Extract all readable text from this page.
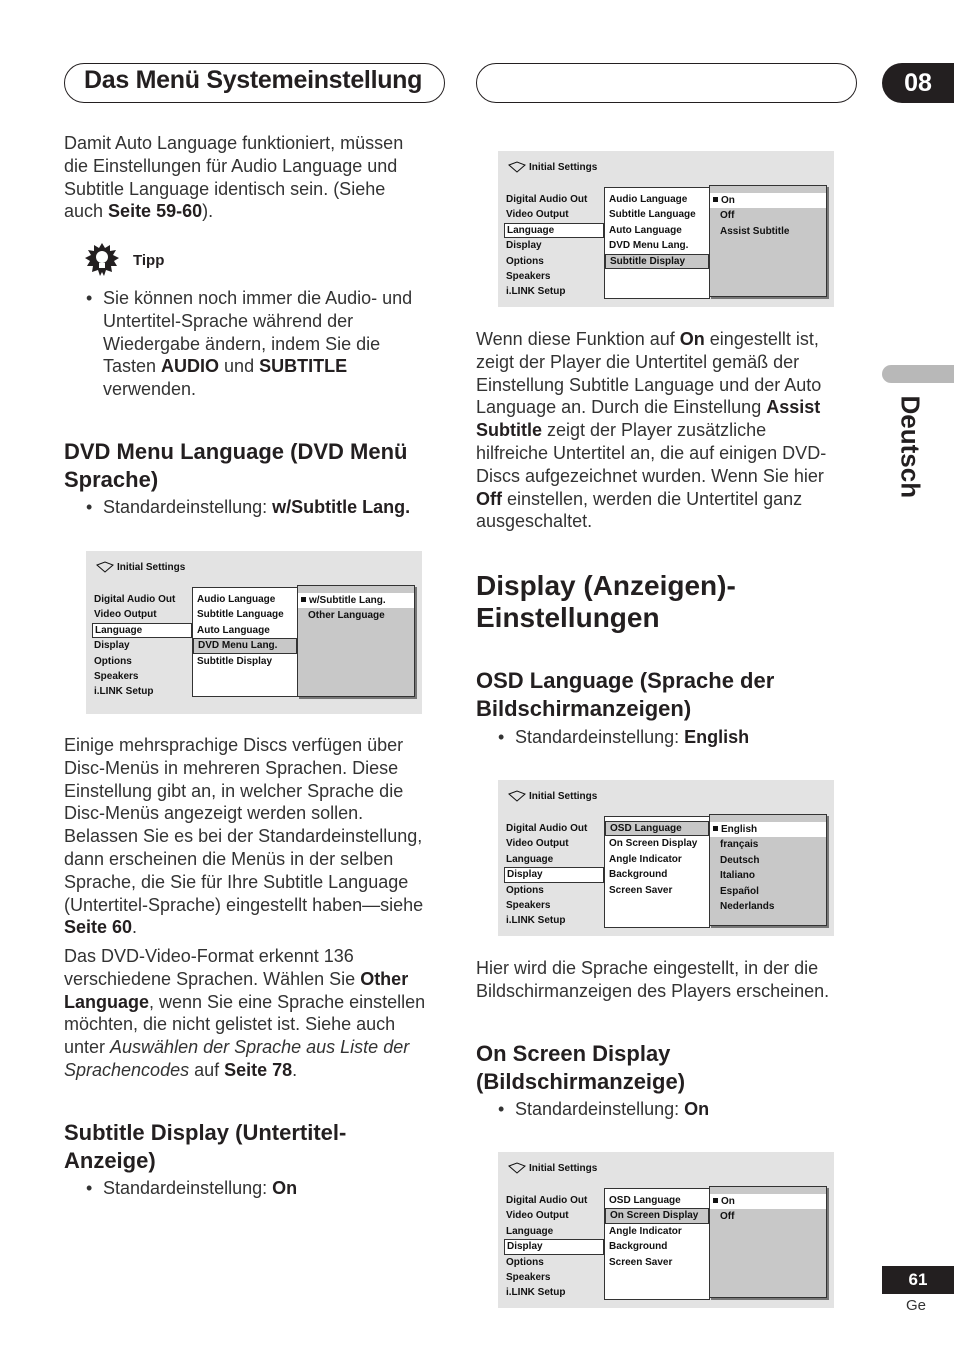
Das Menü Systemeinstellung	08
Deutsch
Damit Auto Language funktioniert, müssen
die Einstellungen für Audio Language und
Subtitle Language identisch sein. (Siehe
auch Seite 59-60).
Tipp
• Sie können noch immer die Audio- und
Untertitel-Sprache während der
Wiedergabe ändern, indem Sie die
Tasten AUDIO und SUBTITLE
verwenden.
DVD Menu Language (DVD Menü
Sprache)
• Standardeinstellung: w/Subtitle Lang.
Initial Settings
Digital Audio Out
Video Output
Language
Display
Options
Speakers
i.LINK Setup
Audio Language
Subtitle Language
Auto Language
DVD Menu Lang.
Subtitle Display
w/Subtitle Lang.
Other Language
Einige mehrsprachige Discs verfügen über
Disc-Menüs in mehreren Sprachen. Diese
Einstellung gibt an, in welcher Sprache die
Disc-Menüs angezeigt werden sollen.
Belassen Sie es bei der Standardeinstellung,
dann erscheinen die Menüs in der selben
Sprache, die Sie für Ihre Subtitle Language
(Untertitel-Sprache) eingestellt haben—siehe
Seite 60.
Das DVD-Video-Format erkennt 136
verschiedene Sprachen. Wählen Sie Other
Language, wenn Sie eine Sprache einstellen
möchten, die nicht gelistet ist. Siehe auch
unter Auswählen der Sprache aus Liste der
Sprachencodes auf Seite 78.
Subtitle Display (Untertitel-
Anzeige)
• Standardeinstellung: On
Initial Settings
Digital Audio Out
Video Output
Language
Display
Options
Speakers
i.LINK Setup
Audio Language
Subtitle Language
Auto Language
DVD Menu Lang.
Subtitle Display
On
Off
Assist Subtitle
Wenn diese Funktion auf On eingestellt ist,
zeigt der Player die Untertitel gemäß der
Einstellung Subtitle Language und der Auto
Language an. Durch die Einstellung Assist
Subtitle zeigt der Player zusätzliche
hilfreiche Untertitel an, die auf einigen DVD-
Discs aufgezeichnet wurden. Wenn Sie hier
Off einstellen, werden die Untertitel ganz
ausgeschaltet.
Display (Anzeigen)-
Einstellungen
OSD Language (Sprache der
Bildschirmanzeigen)
• Standardeinstellung: English
Initial Settings
Digital Audio Out
Video Output
Language
Display
Options
Speakers
i.LINK Setup
OSD Language
On Screen Display
Angle Indicator
Background
Screen Saver
English
français
Deutsch
Italiano
Español
Nederlands
Hier wird die Sprache eingestellt, in der die
Bildschirmanzeigen des Players erscheinen.
On Screen Display
(Bildschirmanzeige)
• Standardeinstellung: On
Initial Settings
Digital Audio Out
Video Output
Language
Display
Options
Speakers
i.LINK Setup
OSD Language
On Screen Display
Angle Indicator
Background
Screen Saver
On
Off
61
Ge
